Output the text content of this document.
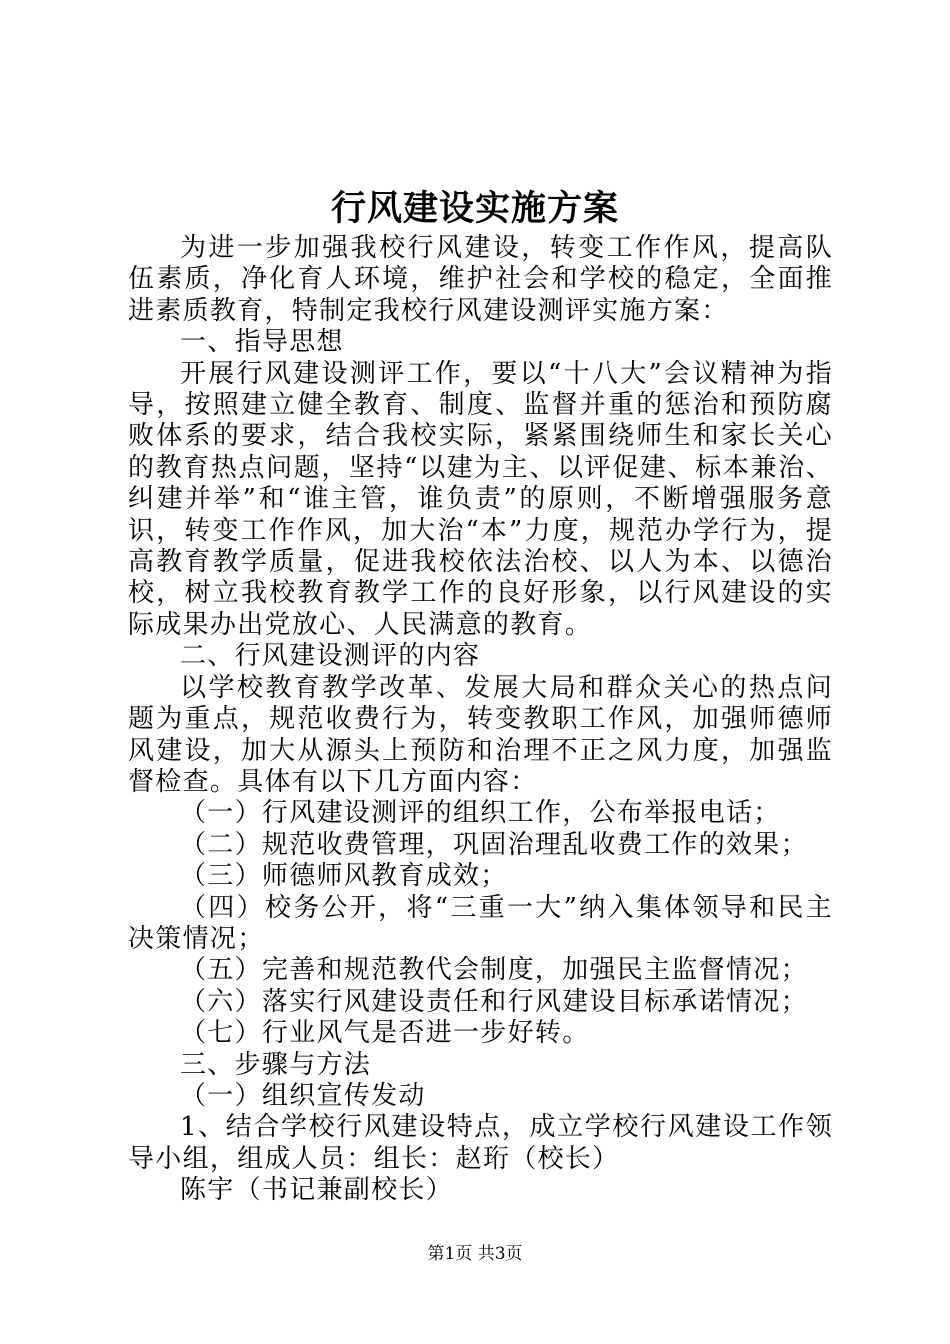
行风建设实施方案

为进一步加强我校行风建设，转变工作作风，提高队伍素质，净化育人环境，维护社会和学校的稳定，全面推进素质教育，特制定我校行风建设测评实施方案：

一、指导思想

开展行风建设测评工作，要以“十八大”会议精神为指导，按照建立健全教育、制度、监督并重的惩治和预防腐败体系的要求，结合我校实际，紧紧围绕师生和家长关心的教育热点问题，坚持“以建为主、以评促建、标本兼治、纠建并举”和“谁主管，谁负责”的原则，不断增强服务意识，转变工作作风，加大治“本”力度，规范办学行为，提高教育教学质量，促进我校依法治校、以人为本、以德治校，树立我校教育教学工作的良好形象，以行风建设的实际成果办出党放心、人民满意的教育。

二、行风建设测评的内容

以学校教育教学改革、发展大局和群众关心的热点问题为重点，规范收费行为，转变教职工作风，加强师德师风建设，加大从源头上预防和治理不正之风力度，加强监督检查。具体有以下几方面内容：

（一）行风建设测评的组织工作，公布举报电话；

（二）规范收费管理，巩固治理乱收费工作的效果；

（三）师德师风教育成效；

（四）校务公开，将“三重一大”纳入集体领导和民主决策情况；

（五）完善和规范教代会制度，加强民主监督情况；

（六）落实行风建设责任和行风建设目标承诺情况；

（七）行业风气是否进一步好转。

三、步骤与方法

（一）组织宣传发动

1、结合学校行风建设特点，成立学校行风建设工作领导小组，组成人员：组长：赵珩（校长）

陈宇（书记兼副校长）

第1页 共3页
